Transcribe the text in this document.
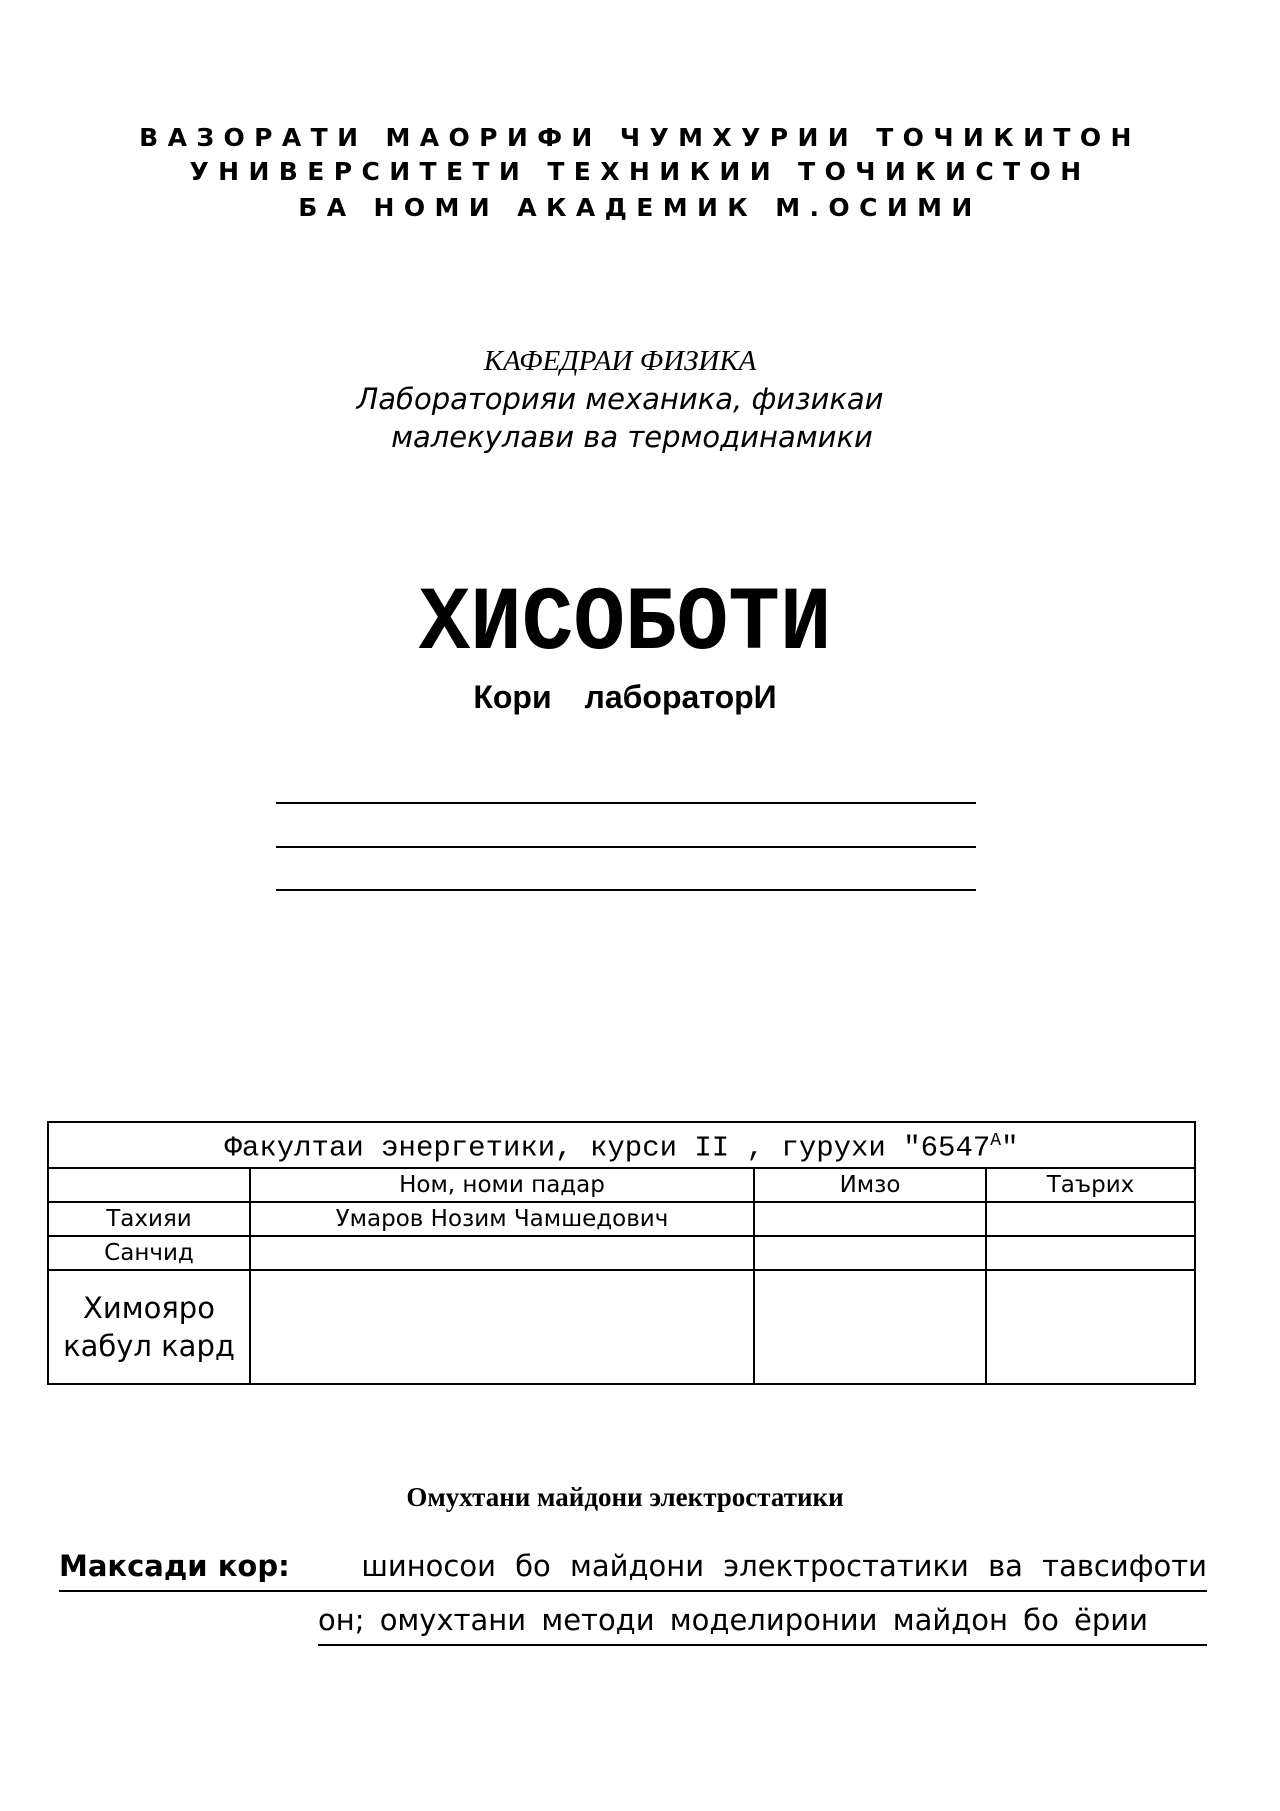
ВАЗОРАТИ МАОРИФИ ЧУМХУРИИ ТОЧИКИТОН
УНИВЕРСИТЕТИ ТЕХНИКИИ ТОЧИКИСТОН
БА НОМИ АКАДЕМИК М.ОСИМИ
КАФЕДРАИ ФИЗИКА
Лабораторияи механика, физикаи
малекулави ва термодинамики
ХИСОБОТИ
Кори лабораторИ
Факултаи энергетики, курси II , гурухи "$6547^А$"			
	Ном, номи падар	Имзо	Таърих
Тахияи	Умаров Нозим Чамшедович		
Санчид			
Химояро кабул кард			
Омухтани майдони электростатики
Максади кор: шиносои бо майдони электростатики ва тавсифоти
он; омухтани методи моделиронии майдон бо ёрии
